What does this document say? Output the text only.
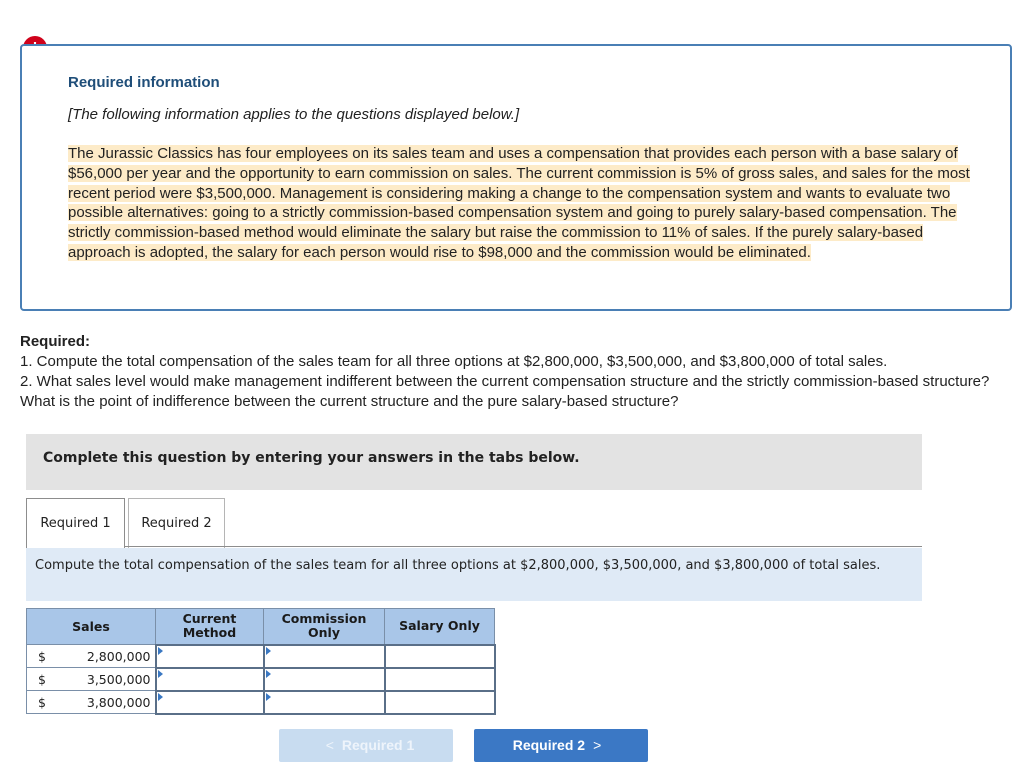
Required information
[The following information applies to the questions displayed below.]
The Jurassic Classics has four employees on its sales team and uses a compensation that provides each person with a base salary of $56,000 per year and the opportunity to earn commission on sales. The current commission is 5% of gross sales, and sales for the most recent period were $3,500,000. Management is considering making a change to the compensation system and wants to evaluate two possible alternatives: going to a strictly commission-based compensation system and going to purely salary-based compensation. The strictly commission-based method would eliminate the salary but raise the commission to 11% of sales. If the purely salary-based approach is adopted, the salary for each person would rise to $98,000 and the commission would be eliminated.
Required:
1. Compute the total compensation of the sales team for all three options at $2,800,000, $3,500,000, and $3,800,000 of total sales.
2. What sales level would make management indifferent between the current compensation structure and the strictly commission-based structure? What is the point of indifference between the current structure and the pure salary-based structure?
Complete this question by entering your answers in the tabs below.
Required 1	Required 2
Compute the total compensation of the sales team for all three options at $2,800,000, $3,500,000, and $3,800,000 of total sales.
Sales		Current Method	Commission Only	Salary Only
$	2,800,000	

$	3,500,000	

$	3,800,000	

< Required 1	Required 2 >
